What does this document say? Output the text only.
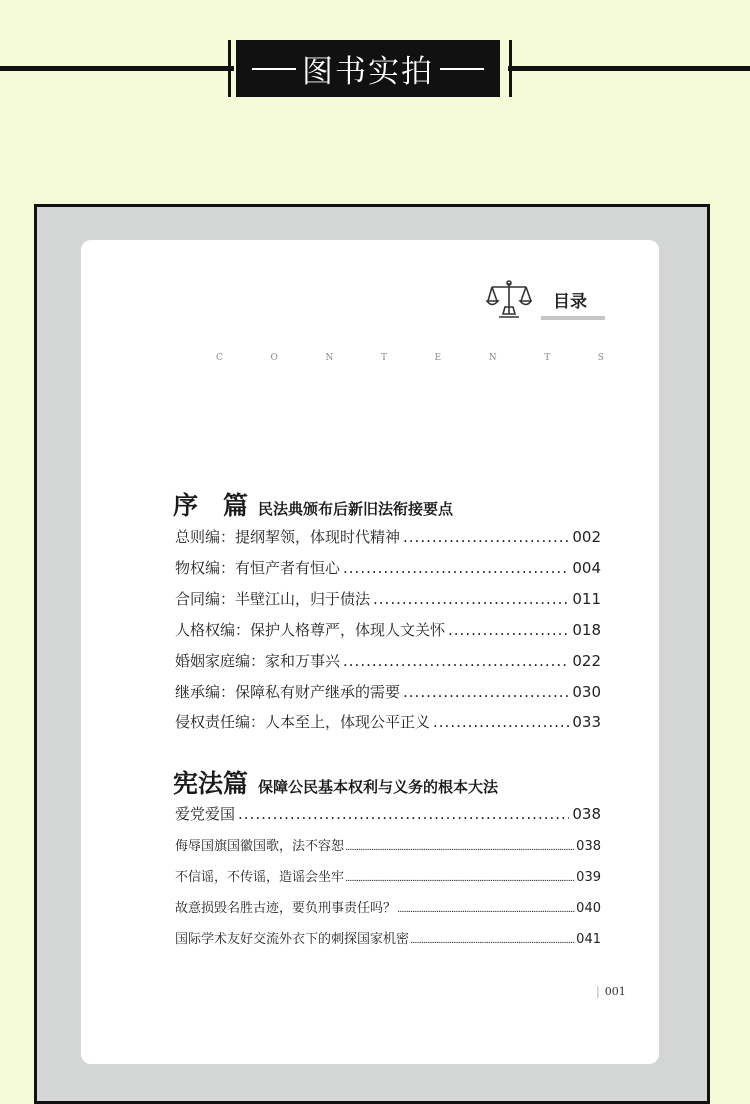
图书实拍
目录
C	O	N	T	E	N	T	S
序　篇 民法典颁布后新旧法衔接要点
总则编：提纲挈领，体现时代精神 .....	002
物权编：有恒产者有恒心 .....	004
合同编：半壁江山，归于债法 .....	011
人格权编：保护人格尊严，体现人文关怀 .....	018
婚姻家庭编：家和万事兴 .....	022
继承编：保障私有财产继承的需要 .....	030
侵权责任编：人本至上，体现公平正义 .....	033
宪法篇 保障公民基本权利与义务的根本大法
爱党爱国 .....	038
侮辱国旗国徽国歌，法不容恕 .....	038
不信谣，不传谣，造谣会坐牢 .....	039
故意损毁名胜古迹，要负刑事责任吗？ .....	040
国际学术友好交流外衣下的刺探国家机密 .....	041
| 001
